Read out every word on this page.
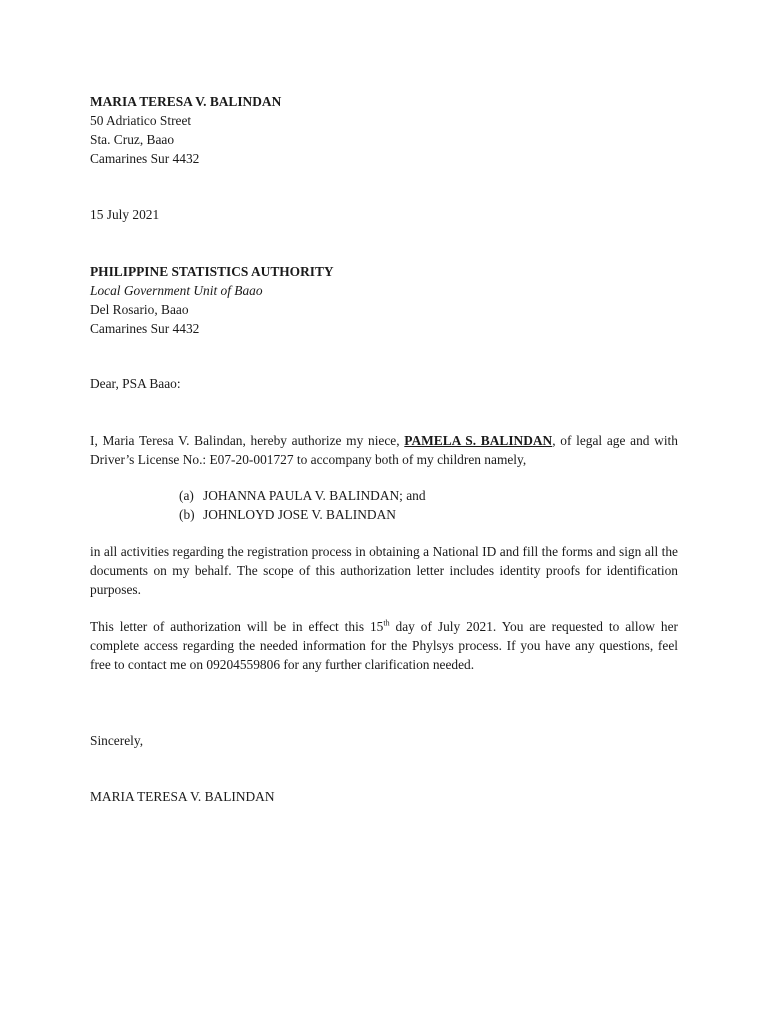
MARIA TERESA V. BALINDAN
50 Adriatico Street
Sta. Cruz, Baao
Camarines Sur 4432
15 July 2021
PHILIPPINE STATISTICS AUTHORITY
Local Government Unit of Baao
Del Rosario, Baao
Camarines Sur 4432
Dear, PSA Baao:
I, Maria Teresa V. Balindan, hereby authorize my niece, PAMELA S. BALINDAN, of legal age and with Driver’s License No.: E07-20-001727 to accompany both of my children namely,
(a) JOHANNA PAULA V. BALINDAN; and
(b) JOHNLOYD JOSE V. BALINDAN
in all activities regarding the registration process in obtaining a National ID and fill the forms and sign all the documents on my behalf. The scope of this authorization letter includes identity proofs for identification purposes.
This letter of authorization will be in effect this 15th day of July 2021. You are requested to allow her complete access regarding the needed information for the Phylsys process. If you have any questions, feel free to contact me on 09204559806 for any further clarification needed.
Sincerely,
MARIA TERESA V. BALINDAN
